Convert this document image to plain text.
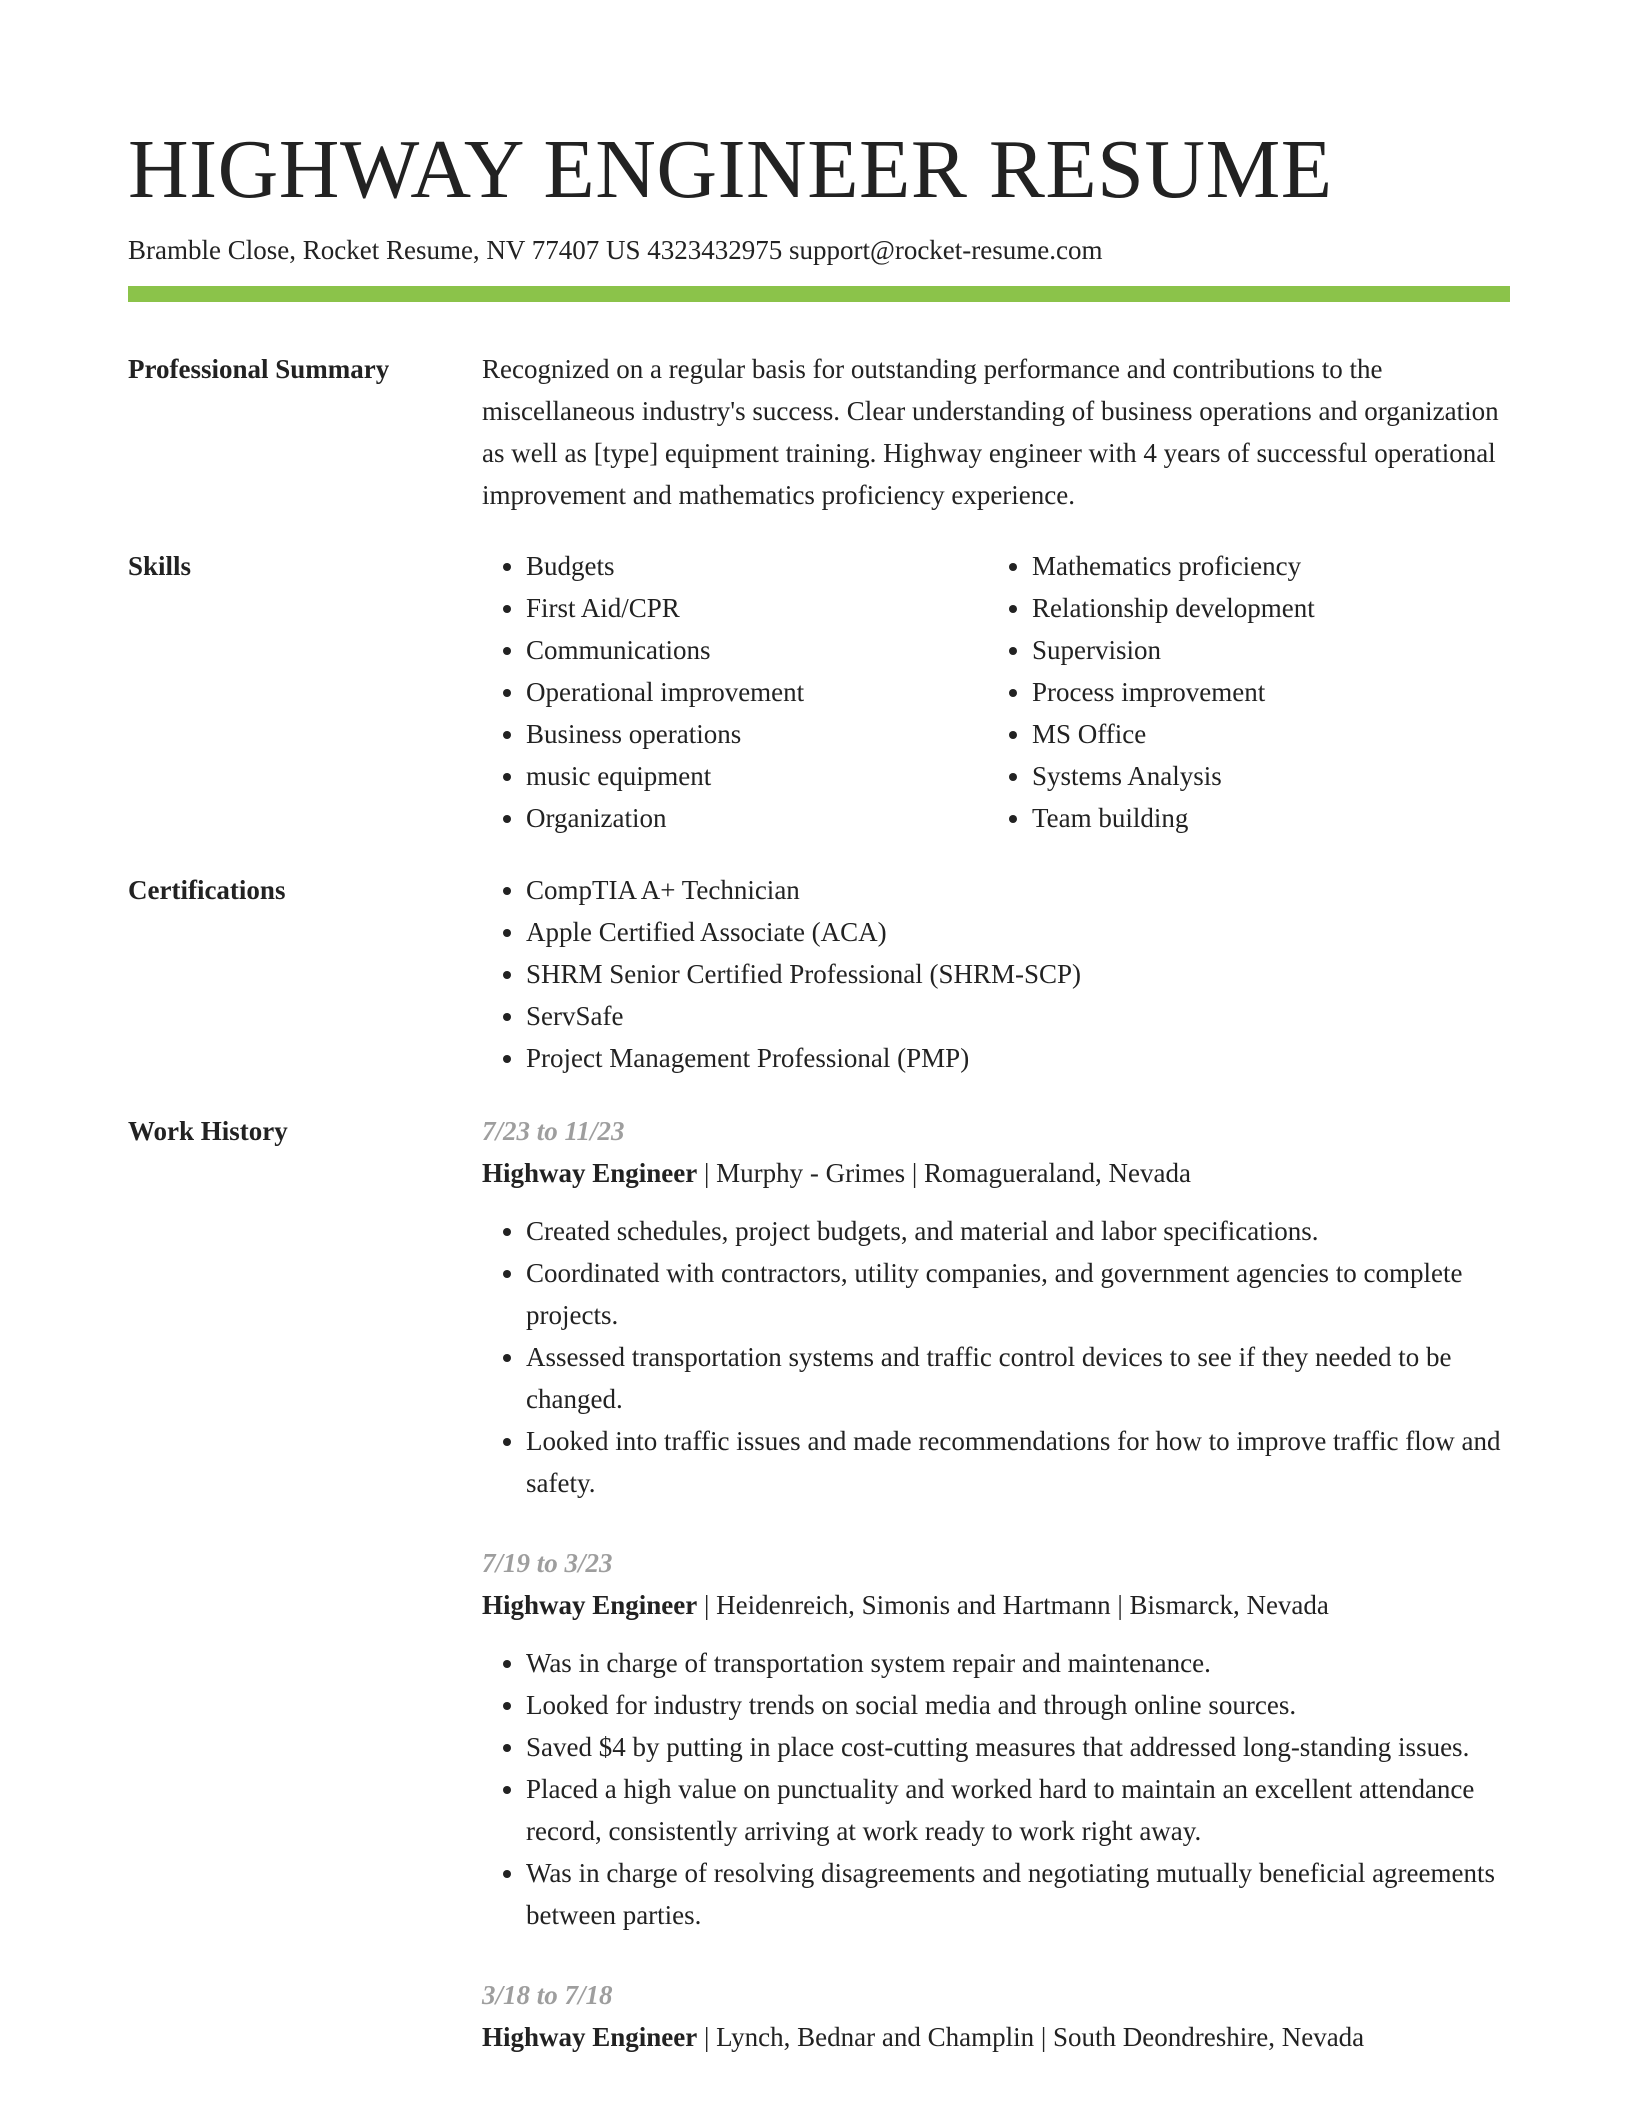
HIGHWAY ENGINEER RESUME
Bramble Close, Rocket Resume, NV 77407 US 4323432975 support@rocket-resume.com
Professional Summary	Recognized on a regular basis for outstanding performance and contributions to the miscellaneous industry's success. Clear understanding of business operations and organization as well as [type] equipment training. Highway engineer with 4 years of successful operational improvement and mathematics proficiency experience.

Skills	• Budgets
• First Aid/CPR
• Communications
• Operational improvement
• Business operations
• music equipment
• Organization
• Mathematics proficiency
• Relationship development
• Supervision
• Process improvement
• MS Office
• Systems Analysis
• Team building
Certifications	• CompTIA A+ Technician
• Apple Certified Associate (ACA)
• SHRM Senior Certified Professional (SHRM-SCP)
• ServSafe
• Project Management Professional (PMP)
Work History	7/23 to 11/23
Highway Engineer | Murphy - Grimes | Romagueraland, Nevada
• Created schedules, project budgets, and material and labor specifications.
• Coordinated with contractors, utility companies, and government agencies to complete projects.
• Assessed transportation systems and traffic control devices to see if they needed to be changed.
• Looked into traffic issues and made recommendations for how to improve traffic flow and safety.
7/19 to 3/23
Highway Engineer | Heidenreich, Simonis and Hartmann | Bismarck, Nevada
• Was in charge of transportation system repair and maintenance.
• Looked for industry trends on social media and through online sources.
• Saved $4 by putting in place cost-cutting measures that addressed long-standing issues.
• Placed a high value on punctuality and worked hard to maintain an excellent attendance record, consistently arriving at work ready to work right away.
• Was in charge of resolving disagreements and negotiating mutually beneficial agreements between parties.
3/18 to 7/18
Highway Engineer | Lynch, Bednar and Champlin | South Deondreshire, Nevada
